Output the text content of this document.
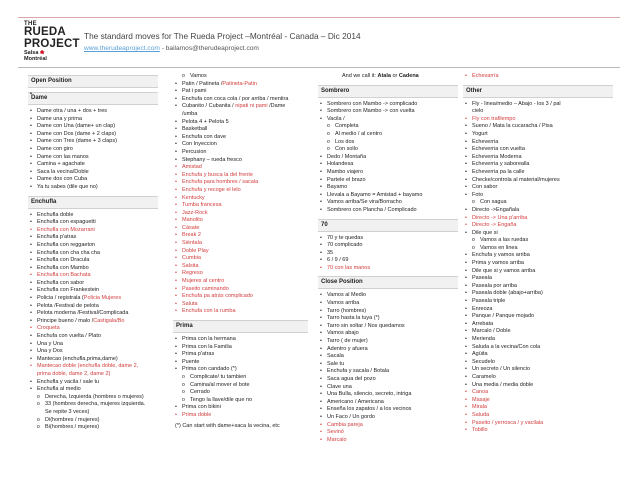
THE
RUEDA
PROJECT
Salsa ❀ Montréal
The standard moves for The Rueda Project –Montréal - Canada – Dic 2014
www.therudeaproject.com - bailamos@therudeaproject.com
Open Position
Dame
• Dame otra / una + dos + tres
• Dame una y prima
• Dame con Una (dame+ un clap)
• Dame con Dos (dame + 2 claps)
• Dame con Tres (dame + 3 claps)
• Dame con giro
• Dame con las manos
• Camina + agachate
• Saca la vecina/Doble
• Dame dos con Cuba
• Ya tu sabes (dile que no)
Enchufla
• Enchufla doble
• Enchufla con espaguetti
• Enchufla con Mozarrani
• Enchufla p'atras
• Enchufla con reggaeton
• Enchufla con cha cha cha
• Enchufla con Dracula
• Enchufla con Mambo
• Enchufla con Bachata
• Enchufla con sabor
• Enchufla con Frankestein
• Policia / registrala (Policia Mujeres
• Pelota /Festival de pelota
• Pelota moderna /Festival/Complicada
• Principe bueno / malo /Castigala/Bo
• Croqueta
• Enchufa con vuelta / Plato
• Una y Una
• Una y Dos
• Mantecao (enchufla,prima,dame)
• Mantecao doble (enchufla doble, dame 2,
prima doble, dame 2, dame 2)
• Enchufla y vacila / sale tu
• Enchufla al medio
o Derecha, Izquierda (hombres o mujeres)
o 33 (hombres derecha, mujeres izquierda.
Se repite 3 veces)
o Di(hombres / mujeres)
o Bi(hombres / mujeres)
o Vamos
• Patin / Patineta /Patineta-Patin
• Pat i pami
• Enchufa con coca cola / por arriba / mentira
• Cubanito / Cubanita / nipati ni pami /Dame
/umba
• Pelota 4 + Pelota 5
• Basketball
• Enchufa con dave
• Con Inyeccion
• Percusion
• Stephany – rueda fresco
• Amistad
• Enchufa y busca la del frente
• Enchufa para hombres / sacala
• Enchufa y recoge el lelo
• Kentucky
• Tumba francesa
• Jazz-Rock
• Manolito
• Cásate
• Break 2
• Siéntala
• Doble Play
• Cumbia
• Salsita
• Regreso
• Mujeres al centro
• Paseito caminando
• Enchufa pa atrás complicado
• Saluta
• Enchufa con la rumba
Prima
• Prima con la hermana
• Prima con la Familia
• Prima p'atras
• Puente
• Prima con candado (*)
o Complicate/ tu tambien
o Camina/al mover el bote
o Cerrado
o Tengo la llave/dile que no
• Prima con bikini
• Prima doble
(*) Can start with dame+saca la vecina, etc
And we call it: Atala or Cadena
Sombrero
• Sombrero con Mambo -> complicado
• Sombrero con Mambo -> con vuelta
• Vacila /
o Completa
o Al medio / al centro
o Los dos
o Con sollo
• Dedo / Montaña
• Holandesa
• Mambo viajero
• Partele el brazo
• Bayamo
• Llevala a Bayamo = Amistad + bayamo
• Vamos arriba/Se vira/Borracho
• Sombrero con Plancha / Complicado
70
• 70 y te quedas
• 70 complicado
• 35
• 6 / 9 / 69
• 70 con las manos
Close Position
• Vamos al Medio
• Vamos arriba
• Tarro (hombres)
• Tarro hasta la tuya (*)
• Tarro sin soltar / Nos quedamos
• Vamos abajo
• Tarro ( de mujer)
• Adentro y afuera
• Sacala
• Sale tu
• Enchufa y sacala / Botala
• Saca agua del pozo
• Clave una
• Una Bulla, silencio, secreto, intriga
• Americano / Americana
• Enseña los zapatos / a los vecinos
• Un Faco / Un gordo
• Cambia pareja
• Sevinó
• Marcalo
• Echevarría
Other
• Fly - linea/medio – Abajo - los 3 / pal
cielo
• Fly con trafilempo
• Sueno / Mata la cucaracha / Pisa
• Yogurt
• Echeverria
• Echeverria con vuelta
• Echeverria Moderna
• Echeverria y saborealla
• Echeverria pa la calle
• Checke/controla al material/mujeres
• Con sabor
• Foto
o Con sagua
• Directo ->Engañala
• Directo -> Una p'arriba
• Directo -> Engaña
• Dile que si
o Vamos a las ruedas
o Vamos en linea
• Enchufa y vamos arriba
• Prima y vamos arriba
• Dile que si y vamos arriba
• Paseala
• Paseala por arriba
• Paseala doble (abajo+arriba)
• Paseala triple
• Enreoza
• Panque / Panque mojado
• Arrebata
• Marcalo / Doble
• Merienda
• Saluda a la vecina/Con cola
• Agüita
• Secudelo
• Un secreto / Un silencio
• Caramelo
• Una media / media doble
• Canoa
• Masaje
• Mirala
• Saluda
• Paseito / yerrosca / y vacilala
• Tobillo
